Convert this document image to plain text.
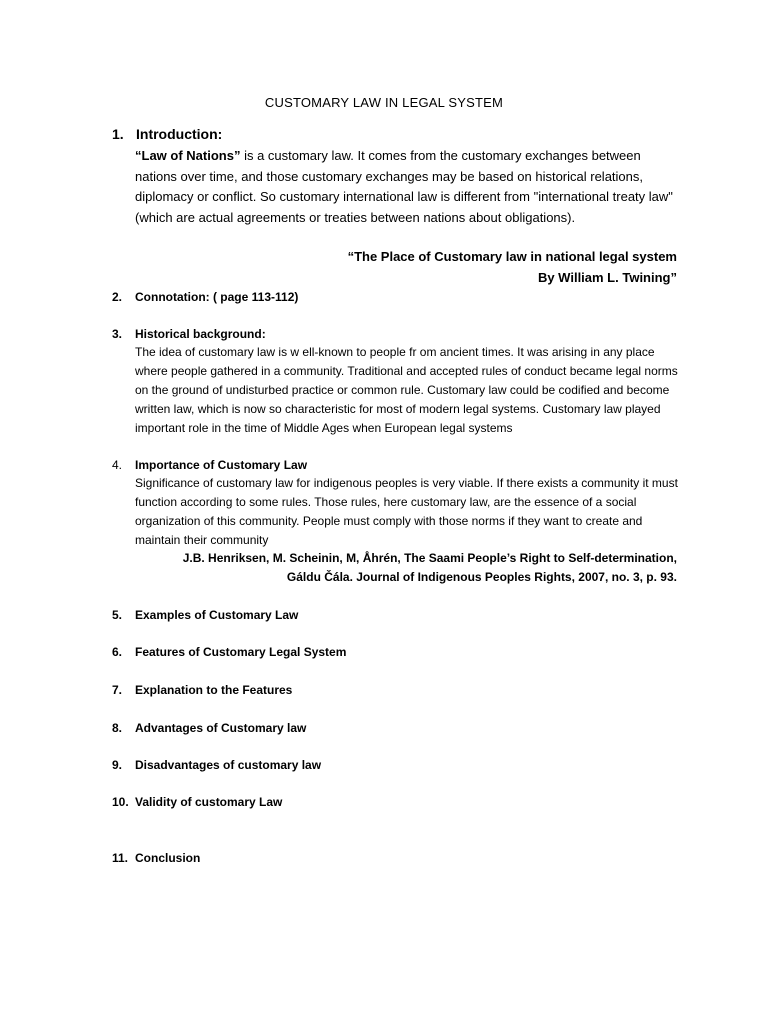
CUSTOMARY LAW IN LEGAL SYSTEM
1. Introduction:
“Law of Nations” is a customary law. It comes from the customary exchanges between nations over time, and those customary exchanges may be based on historical relations, diplomacy or conflict. So customary international law is different from "international treaty law" (which are actual agreements or treaties between nations about obligations).
“The Place of Customary law in national legal system
By William L. Twining”
2. Connotation: ( page 113-112)
3. Historical background:
The idea of customary law is w ell-known to people fr om ancient times. It was arising in any place where people gathered in a community. Traditional and accepted rules of conduct became legal norms on the ground of undisturbed practice or common rule. Customary law could be codified and become written law, which is now so characteristic for most of modern legal systems. Customary law played important role in the time of Middle Ages when European legal systems
4. Importance of Customary Law
Significance of customary law for indigenous peoples is very viable. If there exists a community it must function according to some rules. Those rules, here customary law, are the essence of a social organization of this community. People must comply with those norms if they want to create and maintain their community
J.B. Henriksen, M. Scheinin, M, Åhrén, The Saami People’s Right to Self-determination,
Gáldu Čála. Journal of Indigenous Peoples Rights, 2007, no. 3, p. 93.
5. Examples of Customary Law
6. Features of Customary Legal System
7. Explanation to the Features
8. Advantages of Customary law
9. Disadvantages of customary law
10. Validity of customary Law
11. Conclusion
